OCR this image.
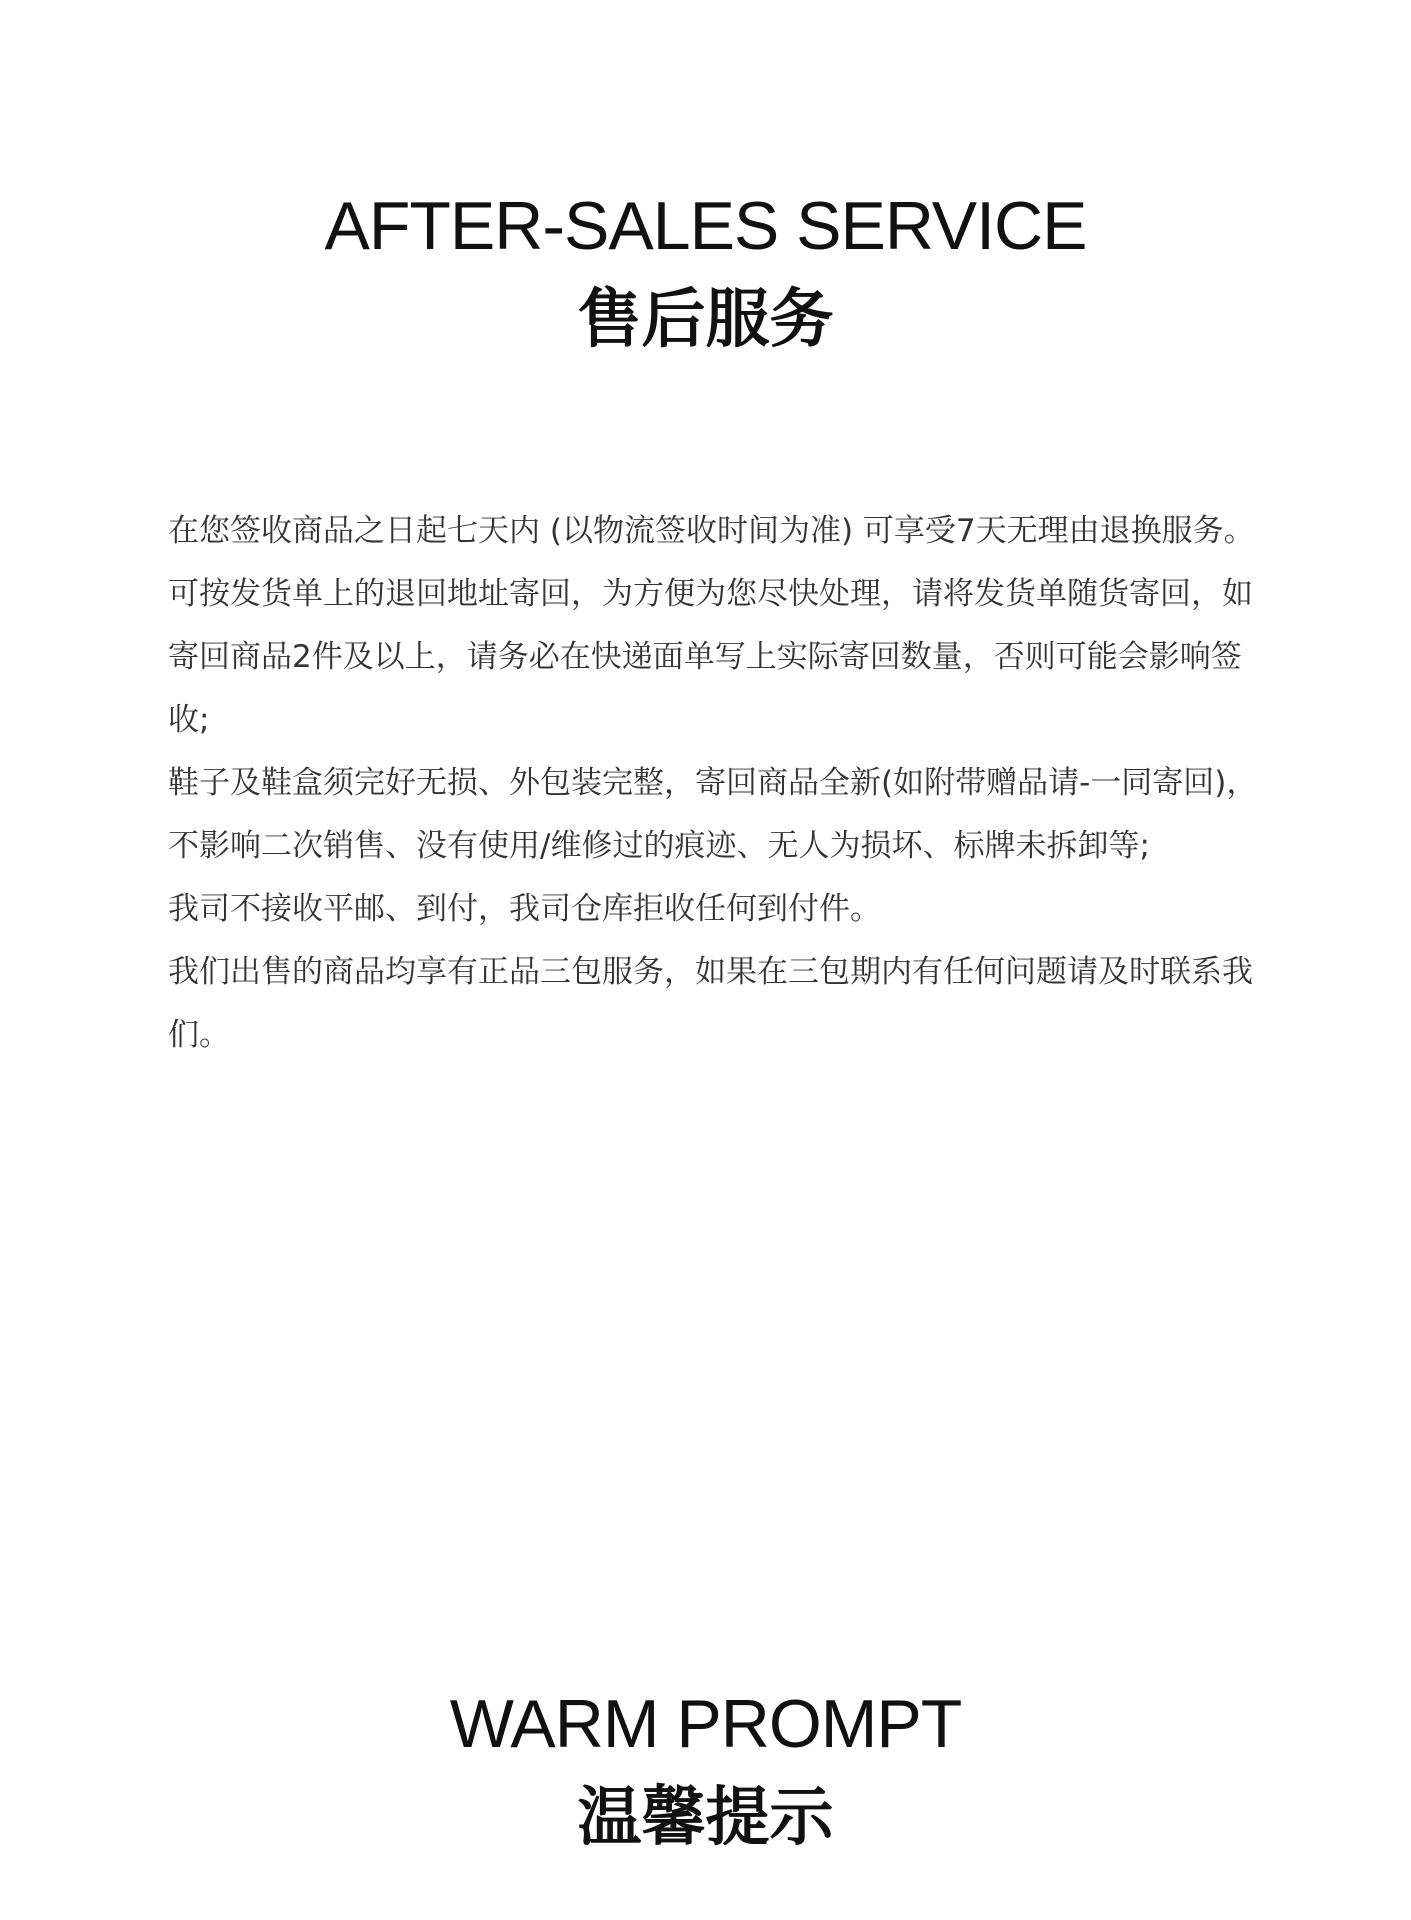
AFTER-SALES SERVICE
售后服务

在您签收商品之日起七天内 (以物流签收时间为准) 可享受7天无理由退换服务。

可按发货单上的退回地址寄回，为方便为您尽快处理，请将发货单随货寄回，如寄回商品2件及以上，请务必在快递面单写上实际寄回数量，否则可能会影响签收;

鞋子及鞋盒须完好无损、外包装完整，寄回商品全新(如附带赠品请-一同寄回)，不影响二次销售、没有使用/维修过的痕迹、无人为损坏、标牌未拆卸等;

我司不接收平邮、到付，我司仓库拒收任何到付件。

我们出售的商品均享有正品三包服务，如果在三包期内有任何问题请及时联系我们。

WARM PROMPT
温馨提示
